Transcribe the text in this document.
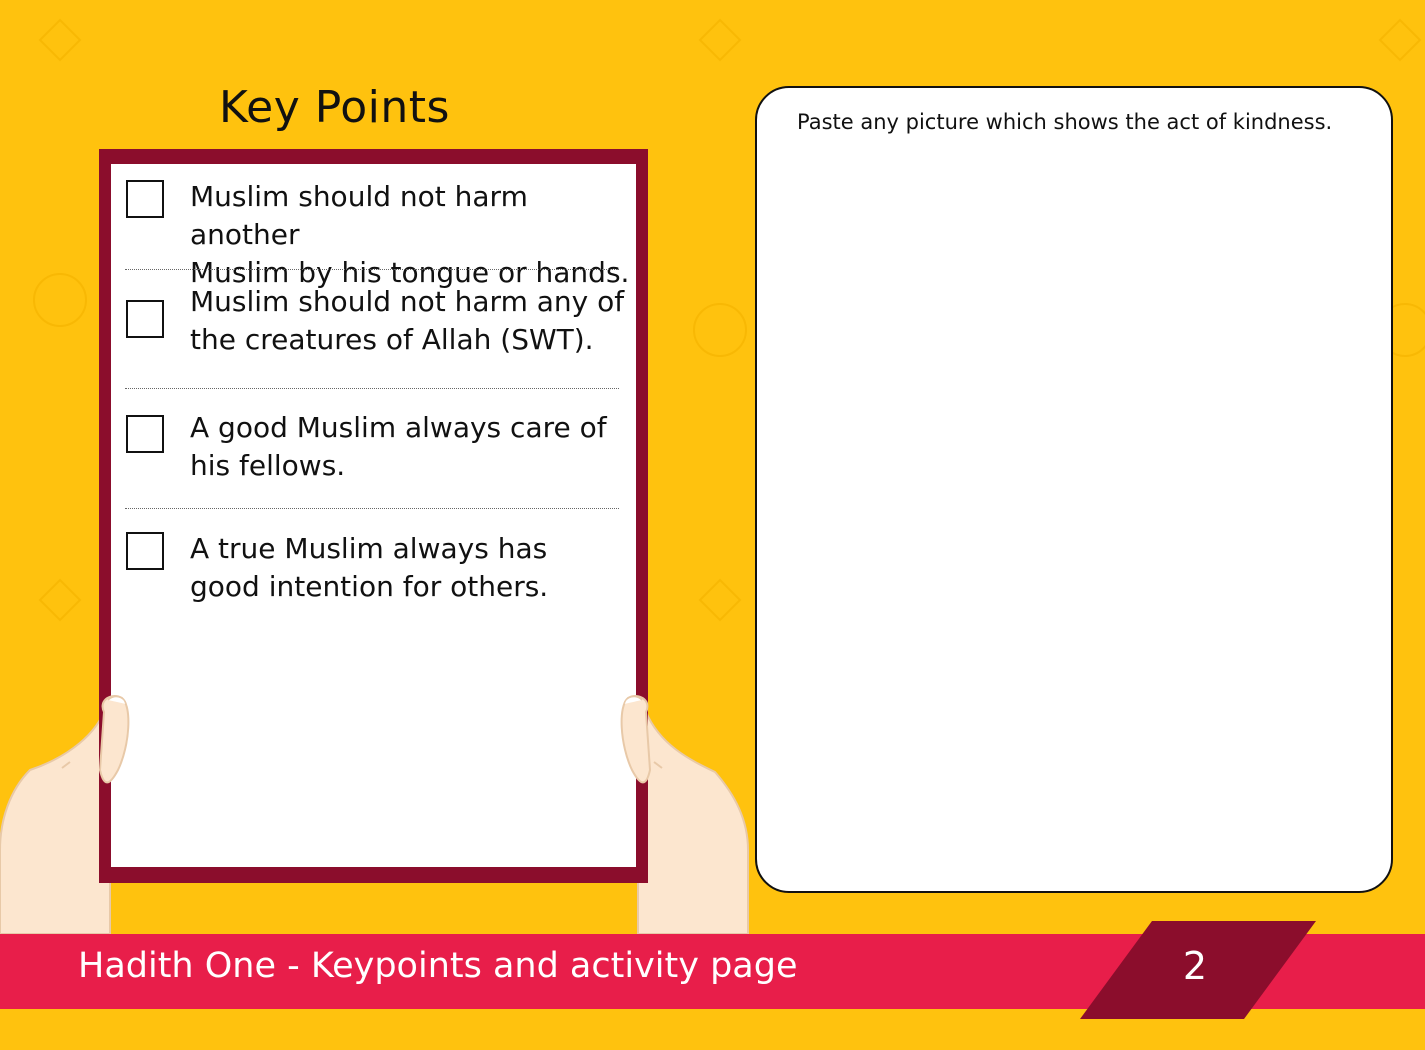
Key Points

Muslim should not harm another
Muslim by his tongue or hands.

Muslim should not harm any of
the creatures of Allah (SWT).

A good Muslim always care of
his fellows.

A true Muslim always has
good intention for others.

Paste any picture which shows the act of kindness.

Hadith One - Keypoints and activity page	2
